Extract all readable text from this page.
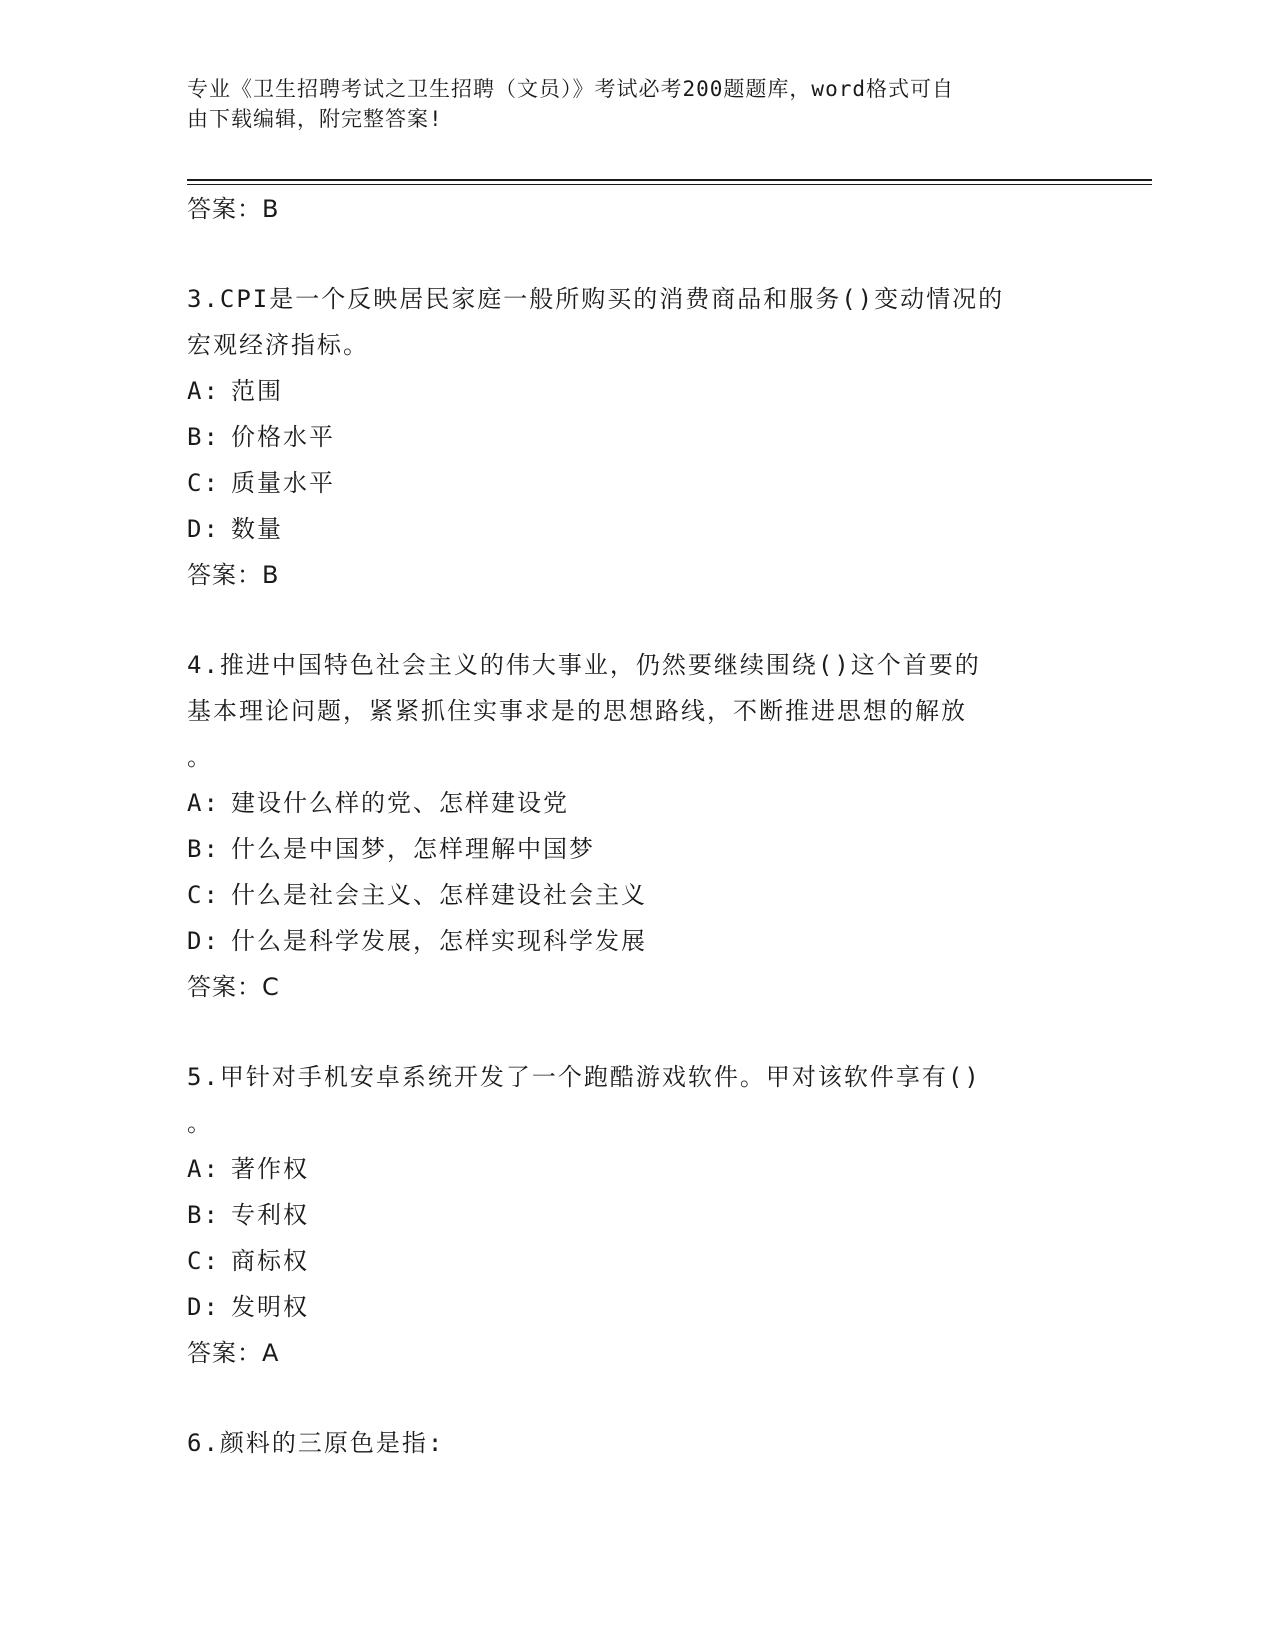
专业《卫生招聘考试之卫生招聘（文员）》考试必考200题题库，word格式可自
由下载编辑，附完整答案!
答案：B
3.CPI是一个反映居民家庭一般所购买的消费商品和服务()变动情况的
宏观经济指标。
A: 范围
B: 价格水平
C: 质量水平
D: 数量
答案：B
4.推进中国特色社会主义的伟大事业，仍然要继续围绕()这个首要的
基本理论问题，紧紧抓住实事求是的思想路线，不断推进思想的解放
。
A: 建设什么样的党、怎样建设党
B: 什么是中国梦，怎样理解中国梦
C: 什么是社会主义、怎样建设社会主义
D: 什么是科学发展，怎样实现科学发展
答案：C
5.甲针对手机安卓系统开发了一个跑酷游戏软件。甲对该软件享有()
。
A: 著作权
B: 专利权
C: 商标权
D: 发明权
答案：A
6.颜料的三原色是指:
